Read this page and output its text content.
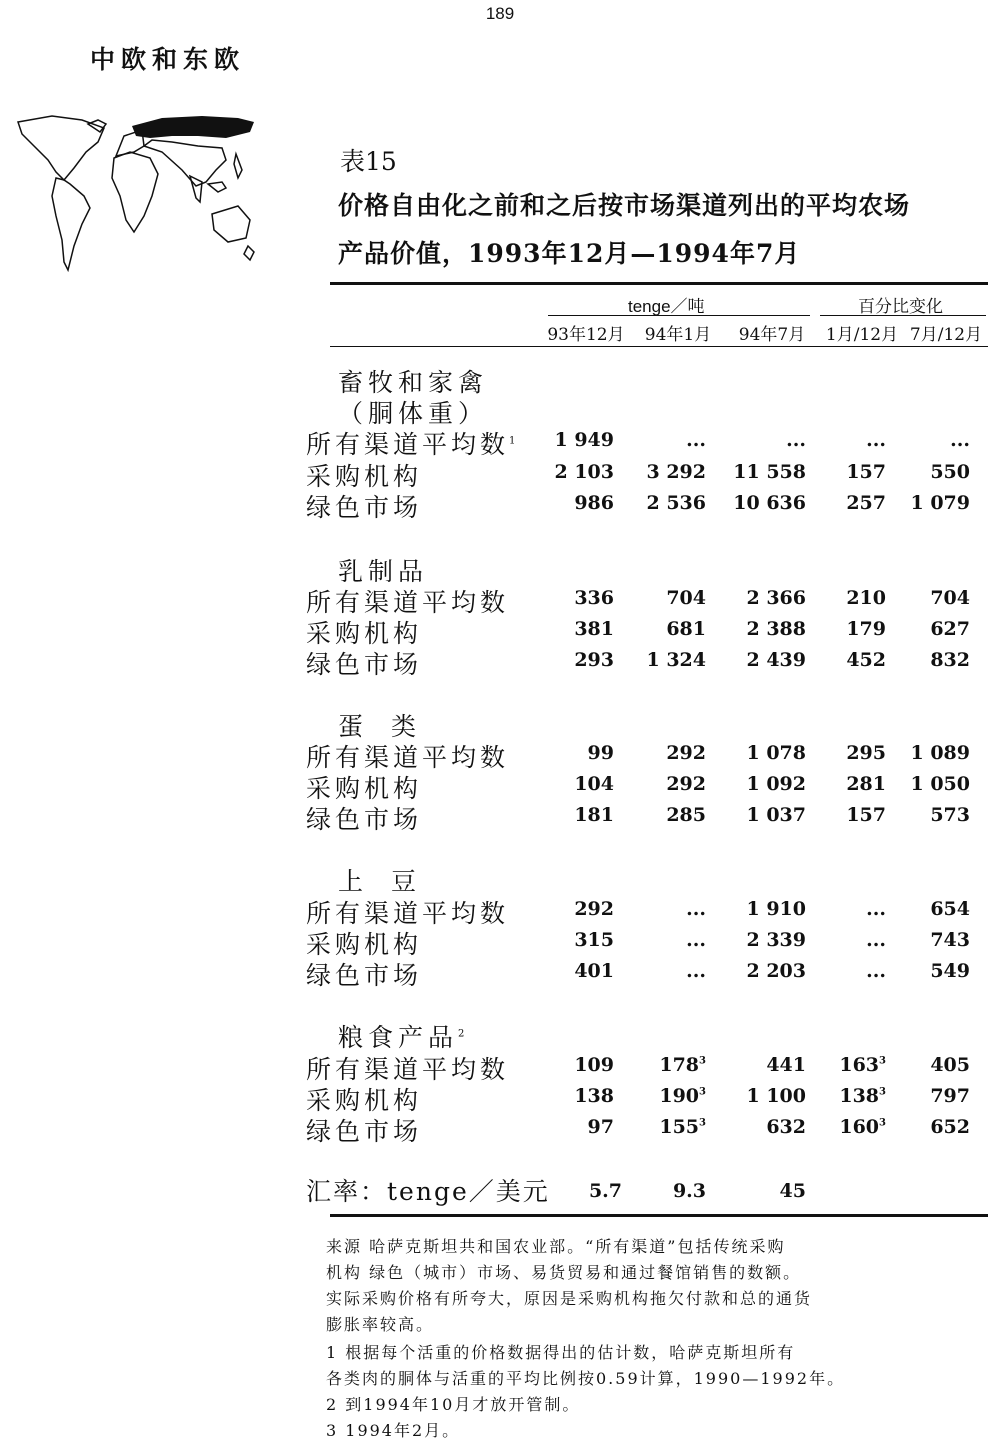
189
中欧和东欧
表15
价格自由化之前和之后按市场渠道列出的平均农场
产品价值，1993年12月—1994年7月
tenge／吨	百分比变化
93年12月	94年1月	94年7月	1月/12月 7月/12月
畜牧和家禽
（胴体重）
所有渠道平均数$^1$	1 949	...	...	...	...
采购机构	2 103	3 292	11 558	157	550
绿色市场	986	2 536	10 636	257	1 079
乳制品
所有渠道平均数	336	704	2 366	210	704
采购机构	381	681	2 388	179	627
绿色市场	293	1 324	2 439	452	832
蛋 类
所有渠道平均数	99	292	1 078	295	1 089
采购机构	104	292	1 092	281	1 050
绿色市场	181	285	1 037	157	573
上 豆
所有渠道平均数	292	...	1 910	...	654
采购机构	315	...	2 339	...	743
绿色市场	401	...	2 203	...	549
粮食产品$^2$
所有渠道平均数	109	$178^3$	441	$163^3$	405
采购机构	138	$190^3$	1 100	$138^3$	797
绿色市场	97	$155^3$	632	$160^3$	652
汇率：tenge／美元	5.7	9.3	45
来源 哈萨克斯坦共和国农业部。“所有渠道”包括传统采购
机构 绿色（城市）市场、易货贸易和通过餐馆销售的数额。
实际采购价格有所夸大，原因是采购机构拖欠付款和总的通货
膨胀率较高。
1 根据每个活重的价格数据得出的估计数，哈萨克斯坦所有
各类肉的胴体与活重的平均比例按0.59计算，1990—1992年。
2 到1994年10月才放开管制。
3 1994年2月。
